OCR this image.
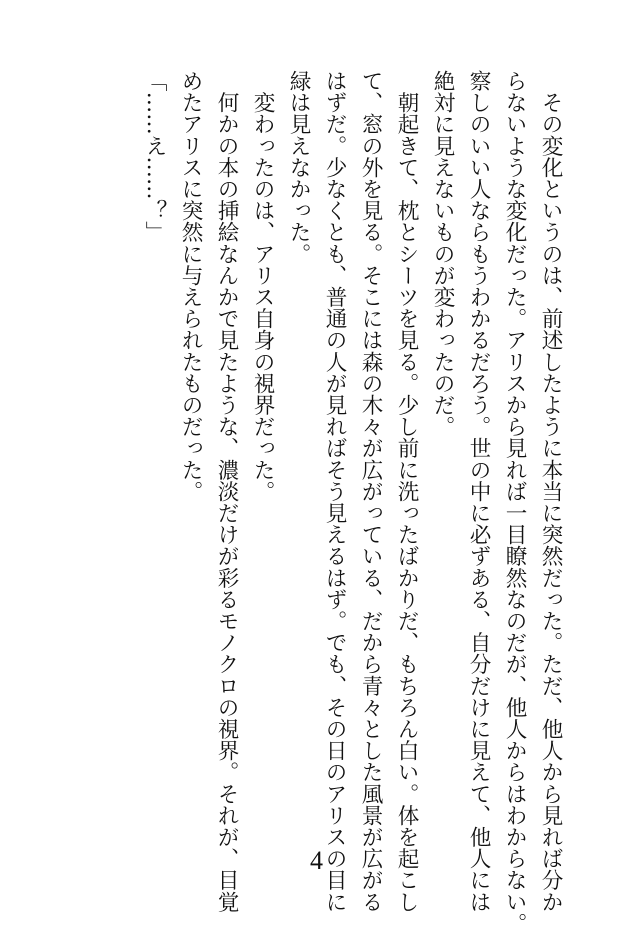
　その変化というのは、前述したように本当に突然だった。ただ、他人から見れば分か
らないような変化だった。アリスから見れば一目瞭然なのだが、他人からはわからない。
察しのいい人ならもうわかるだろう。世の中に必ずある、自分だけに見えて、他人には
絶対に見えないものが変わったのだ。
　朝起きて、枕とシーツを見る。少し前に洗ったばかりだ、もちろん白い。体を起こし
て、窓の外を見る。そこには森の木々が広がっている、だから青々とした風景が広がる
はずだ。少なくとも、普通の人が見ればそう見えるはず。でも、その日のアリスの目に
緑は見えなかった。
　変わったのは、アリス自身の視界だった。
　何かの本の挿絵なんかで見たような、濃淡だけが彩るモノクロの視界。それが、目覚
めたアリスに突然に与えられたものだった。
「……え……？」
4
